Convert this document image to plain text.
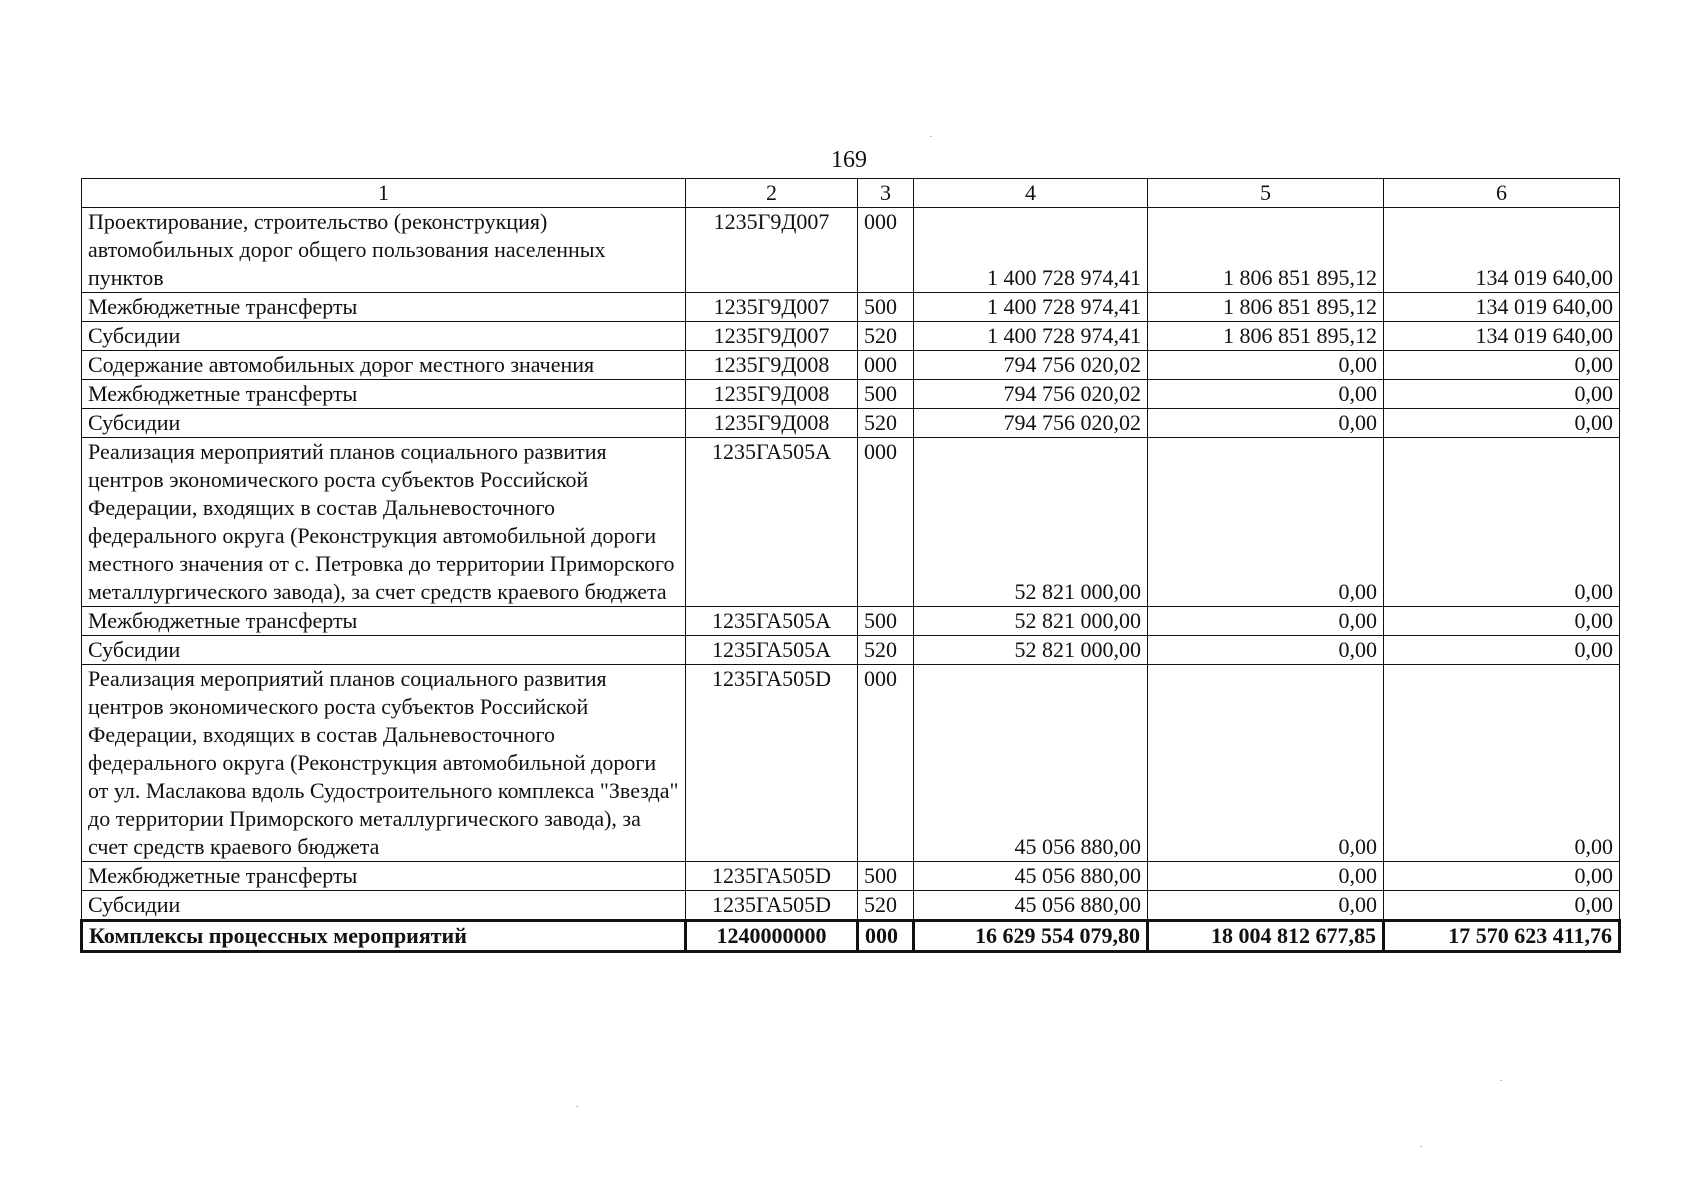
169
1	2	3	4	5	6
Проектирование, строительство (реконструкция) автомобильных дорог общего пользования населенных пунктов	1235Г9Д007	000	1 400 728 974,41	1 806 851 895,12	134 019 640,00
Межбюджетные трансферты	1235Г9Д007	500	1 400 728 974,41	1 806 851 895,12	134 019 640,00
Субсидии	1235Г9Д007	520	1 400 728 974,41	1 806 851 895,12	134 019 640,00
Содержание автомобильных дорог местного значения	1235Г9Д008	000	794 756 020,02	0,00	0,00
Межбюджетные трансферты	1235Г9Д008	500	794 756 020,02	0,00	0,00
Субсидии	1235Г9Д008	520	794 756 020,02	0,00	0,00
Реализация мероприятий планов социального развития центров экономического роста субъектов Российской Федерации, входящих в состав Дальневосточного федерального округа (Реконструкция автомобильной дороги местного значения от с. Петровка до территории Приморского металлургического завода), за счет средств краевого бюджета	1235ГА505А	000	52 821 000,00	0,00	0,00
Межбюджетные трансферты	1235ГА505А	500	52 821 000,00	0,00	0,00
Субсидии	1235ГА505А	520	52 821 000,00	0,00	0,00
Реализация мероприятий планов социального развития центров экономического роста субъектов Российской Федерации, входящих в состав Дальневосточного федерального округа (Реконструкция автомобильной дороги от ул. Маслакова вдоль Судостроительного комплекса "Звезда" до территории Приморского металлургического завода), за счет средств краевого бюджета	1235ГА505D	000	45 056 880,00	0,00	0,00
Межбюджетные трансферты	1235ГА505D	500	45 056 880,00	0,00	0,00
Субсидии	1235ГА505D	520	45 056 880,00	0,00	0,00
Комплексы процессных мероприятий	1240000000	000	16 629 554 079,80	18 004 812 677,85	17 570 623 411,76
